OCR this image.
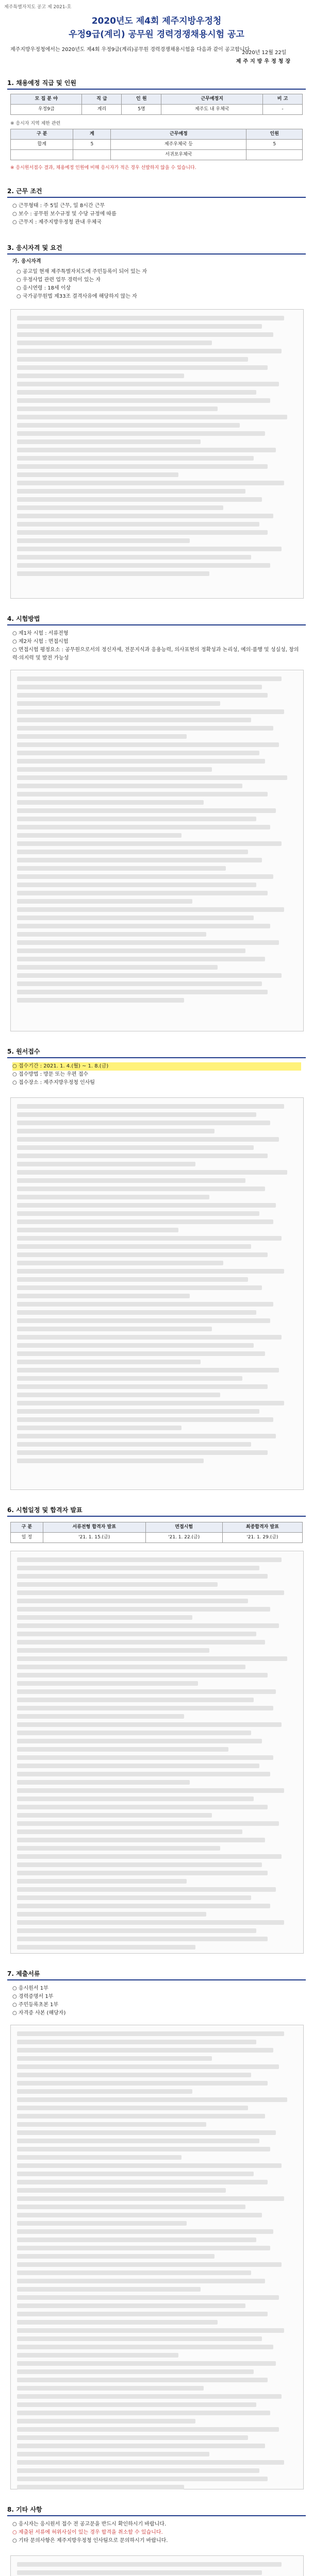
제주특별자치도 공고 제 2021-호
2020년도 제4회 제주지방우정청
우정9급(계리) 공무원 경력경쟁채용시험 공고
제주지방우정청에서는 2020년도 제4회 우정9급(계리)공무원 경력경쟁채용시험을 다음과 같이 공고합니다.
2020년 12월 22일
제주지방우정청장
1. 채용예정 직급 및 인원
모 집 분 야	직 급	인 원	근무예정지	비 고
우정9급	계리	5명	제주도 내 우체국	-
※ 응시자 지역 제한 관련
구 분	계	근무예정	인원
합계	5	제주우체국 등	5
		서귀포우체국	
※ 응시원서접수 결과, 채용예정 인원에 비해 응시자가 적은 경우 선발하지 않을 수 있습니다.
2. 근무 조건
○ 근무형태 : 주 5일 근무, 일 8시간 근무
○ 보수 : 공무원 보수규정 및 수당 규정에 따름
○ 근무지 : 제주지방우정청 관내 우체국
3. 응시자격 및 요건
가. 응시자격
○ 공고일 현재 제주특별자치도에 주민등록이 되어 있는 자
○ 우정사업 관련 업무 경력이 있는 자
○ 응시연령 : 18세 이상
○ 국가공무원법 제33조 결격사유에 해당하지 않는 자
4. 시험방법
○ 제1차 시험 : 서류전형
○ 제2차 시험 : 면접시험
○ 면접시험 평정요소 : 공무원으로서의 정신자세, 전문지식과 응용능력, 의사표현의 정확성과 논리성, 예의·품행 및 성실성, 창의력·의지력 및 발전 가능성
5. 원서접수
○ 접수기간 : 2021. 1. 4.(월) ~ 1. 8.(금)
○ 접수방법 : 방문 또는 우편 접수
○ 접수장소 : 제주지방우정청 인사팀
6. 시험일정 및 합격자 발표
구 분	서류전형 합격자 발표	면접시험	최종합격자 발표
일 정	'21. 1. 15.(금)	'21. 1. 22.(금)	'21. 1. 29.(금)
7. 제출서류
○ 응시원서 1부
○ 경력증명서 1부
○ 주민등록초본 1부
○ 자격증 사본 (해당자)
8. 기타 사항
○ 응시자는 응시원서 접수 전 공고문을 반드시 확인하시기 바랍니다.
○ 제출된 서류에 허위사실이 있는 경우 합격을 취소할 수 있습니다.
○ 기타 문의사항은 제주지방우정청 인사팀으로 문의하시기 바랍니다.
